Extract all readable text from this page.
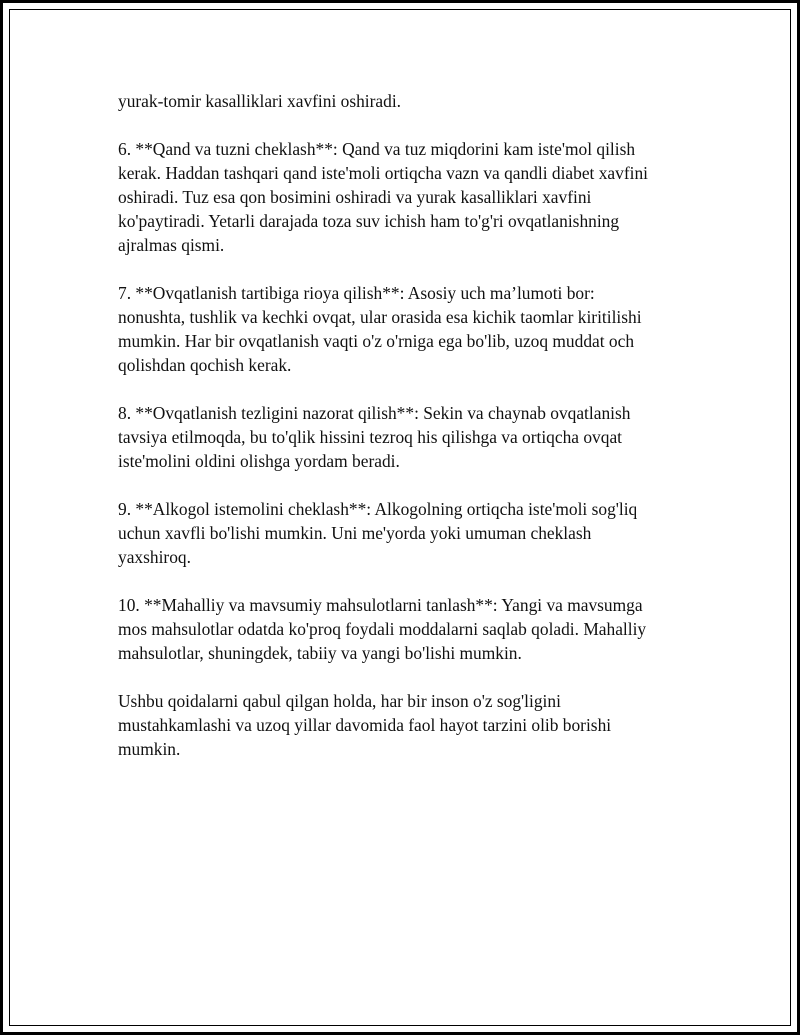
yurak-tomir kasalliklari xavfini oshiradi.

6. **Qand va tuzni cheklash**: Qand va tuz miqdorini kam iste'mol qilish
kerak. Haddan tashqari qand iste'moli ortiqcha vazn va qandli diabet xavfini
oshiradi. Tuz esa qon bosimini oshiradi va yurak kasalliklari xavfini
ko'paytiradi. Yetarli darajada toza suv ichish ham to'g'ri ovqatlanishning
ajralmas qismi.

7. **Ovqatlanish tartibiga rioya qilish**: Asosiy uch ma’lumoti bor:
nonushta, tushlik va kechki ovqat, ular orasida esa kichik taomlar kiritilishi
mumkin. Har bir ovqatlanish vaqti o'z o'rniga ega bo'lib, uzoq muddat och
qolishdan qochish kerak.

8. **Ovqatlanish tezligini nazorat qilish**: Sekin va chaynab ovqatlanish
tavsiya etilmoqda, bu to'qlik hissini tezroq his qilishga va ortiqcha ovqat
iste'molini oldini olishga yordam beradi.

9. **Alkogol istemolini cheklash**: Alkogolning ortiqcha iste'moli sog'liq
uchun xavfli bo'lishi mumkin. Uni me'yorda yoki umuman cheklash
yaxshiroq.

10. **Mahalliy va mavsumiy mahsulotlarni tanlash**: Yangi va mavsumga
mos mahsulotlar odatda ko'proq foydali moddalarni saqlab qoladi. Mahalliy
mahsulotlar, shuningdek, tabiiy va yangi bo'lishi mumkin.

Ushbu qoidalarni qabul qilgan holda, har bir inson o'z sog'ligini
mustahkamlashi va uzoq yillar davomida faol hayot tarzini olib borishi
mumkin.
